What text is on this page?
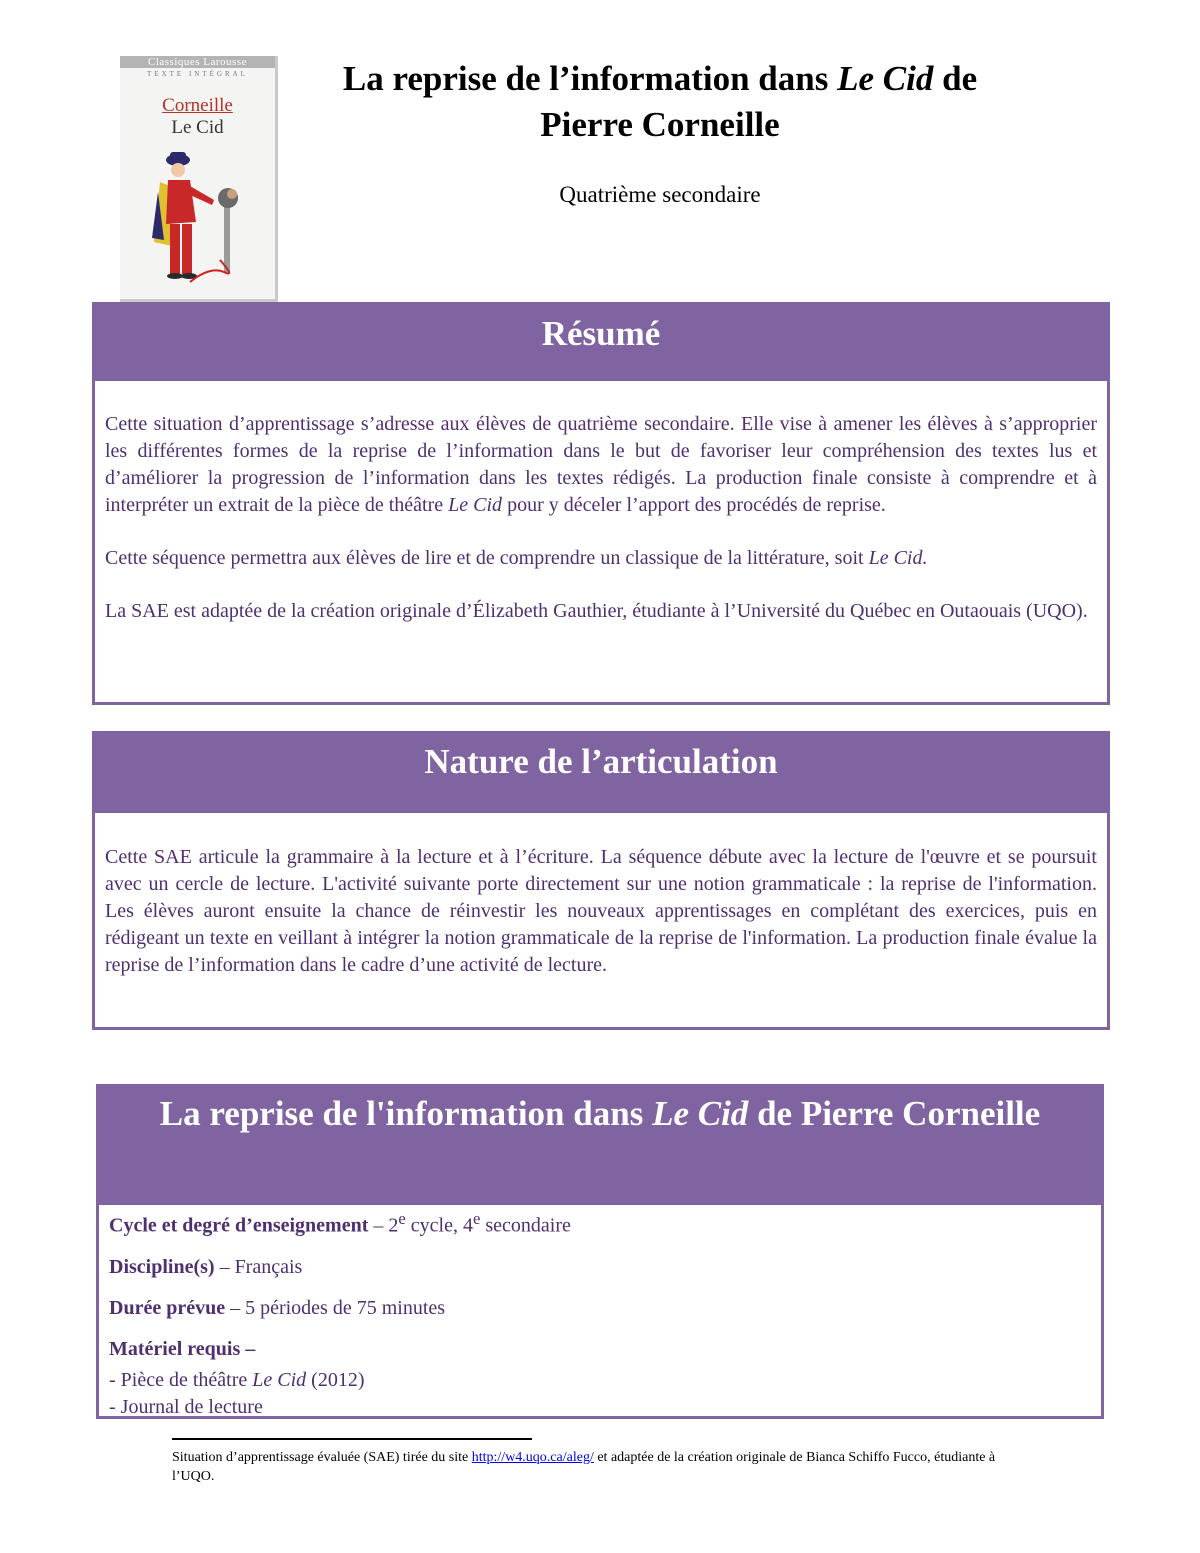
Classiques Larousse
TEXTE INTÉGRAL
Corneille
Le Cid
La reprise de l’information dans Le Cid de Pierre Corneille
Quatrième secondaire
Résumé

Cette situation d’apprentissage s’adresse aux élèves de quatrième secondaire. Elle vise à amener les élèves à s’approprier les différentes formes de la reprise de l’information dans le but de favoriser leur compréhension des textes lus et d’améliorer la progression de l’information dans les textes rédigés. La production finale consiste à comprendre et à interpréter un extrait de la pièce de théâtre Le Cid pour y déceler l’apport des procédés de reprise.

Cette séquence permettra aux élèves de lire et de comprendre un classique de la littérature, soit Le Cid.

La SAE est adaptée de la création originale d’Élizabeth Gauthier, étudiante à l’Université du Québec en Outaouais (UQO).

Nature de l’articulation

Cette SAE articule la grammaire à la lecture et à l’écriture. La séquence débute avec la lecture de l'œuvre et se poursuit avec un cercle de lecture. L'activité suivante porte directement sur une notion grammaticale : la reprise de l'information. Les élèves auront ensuite la chance de réinvestir les nouveaux apprentissages en complétant des exercices, puis en rédigeant un texte en veillant à intégrer la notion grammaticale de la reprise de l'information. La production finale évalue la reprise de l’information dans le cadre d’une activité de lecture.

La reprise de l'information dans Le Cid de Pierre Corneille
Cycle et degré d’enseignement – 2e cycle, 4e secondaire
Discipline(s) – Français
Durée prévue – 5 périodes de 75 minutes
Matériel requis –
- Pièce de théâtre Le Cid (2012)
- Journal de lecture
Situation d’apprentissage évaluée (SAE) tirée du site http://w4.uqo.ca/aleg/ et adaptée de la création originale de Bianca Schiffo Fucco, étudiante à l’UQO.
